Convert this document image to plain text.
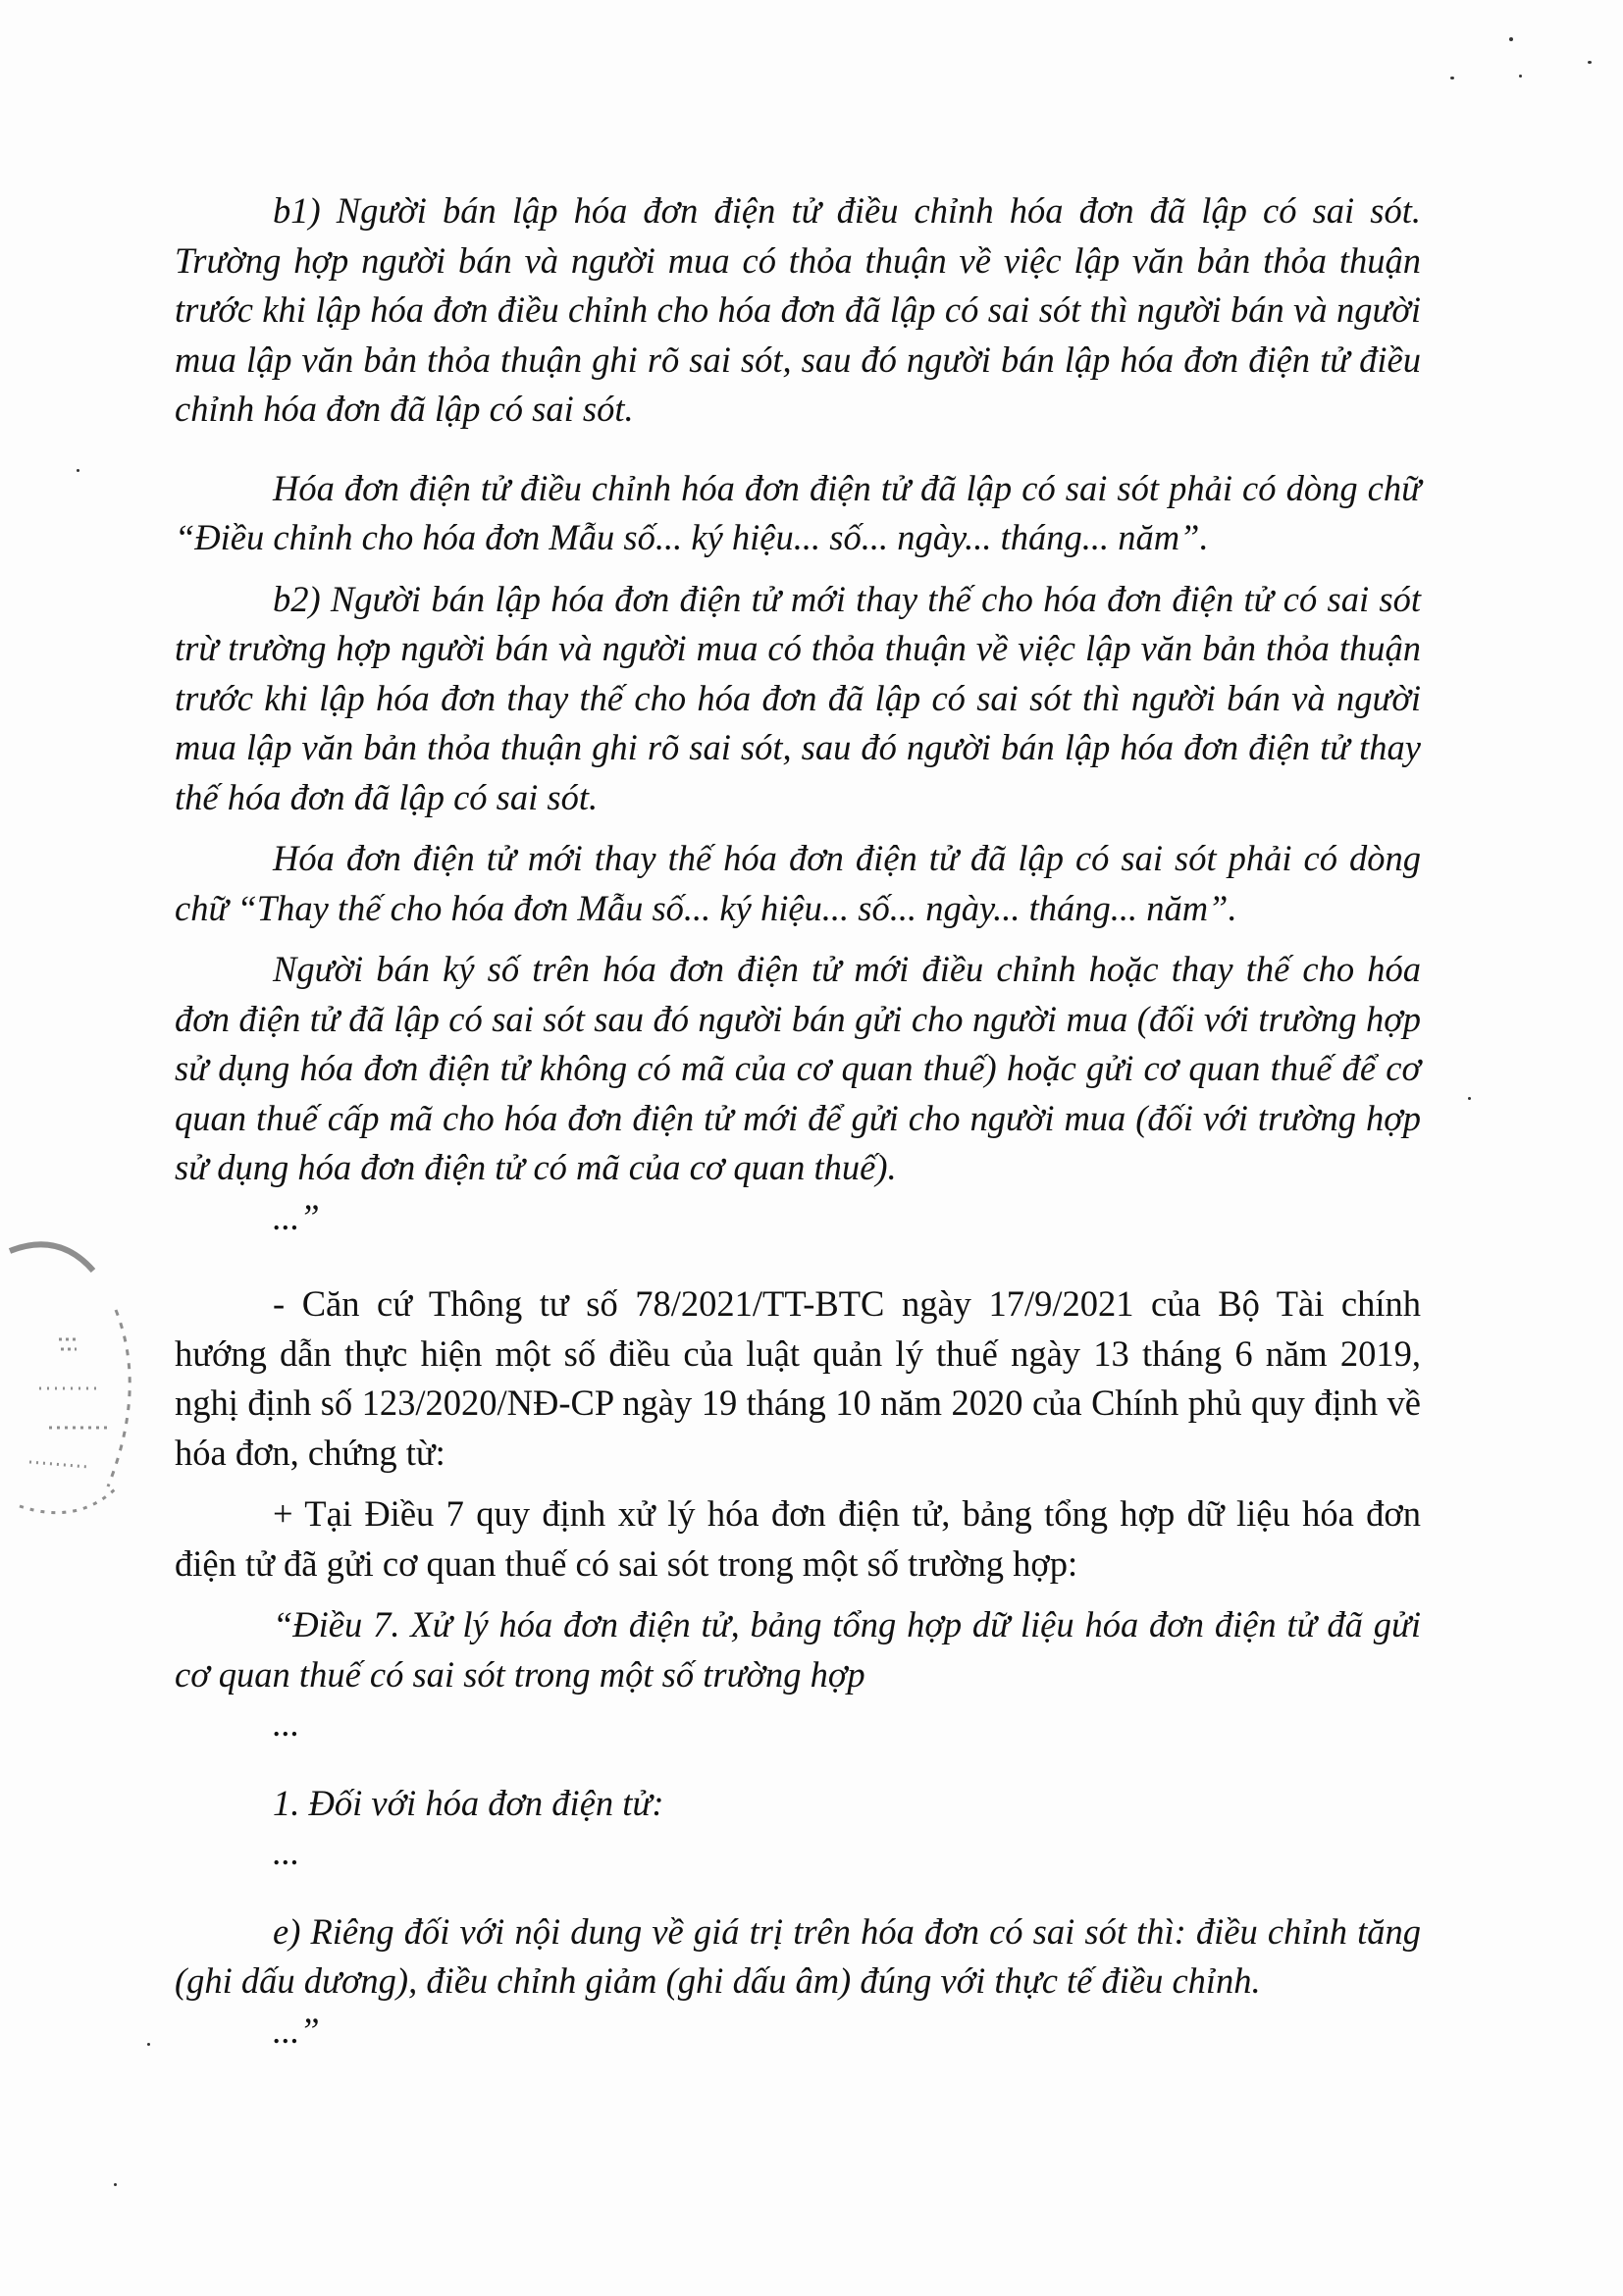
b1) Người bán lập hóa đơn điện tử điều chỉnh hóa đơn đã lập có sai sót. Trường hợp người bán và người mua có thỏa thuận về việc lập văn bản thỏa thuận trước khi lập hóa đơn điều chỉnh cho hóa đơn đã lập có sai sót thì người bán và người mua lập văn bản thỏa thuận ghi rõ sai sót, sau đó người bán lập hóa đơn điện tử điều chỉnh hóa đơn đã lập có sai sót.

Hóa đơn điện tử điều chỉnh hóa đơn điện tử đã lập có sai sót phải có dòng chữ “Điều chỉnh cho hóa đơn Mẫu số... ký hiệu... số... ngày... tháng... năm”.

b2) Người bán lập hóa đơn điện tử mới thay thế cho hóa đơn điện tử có sai sót trừ trường hợp người bán và người mua có thỏa thuận về việc lập văn bản thỏa thuận trước khi lập hóa đơn thay thế cho hóa đơn đã lập có sai sót thì người bán và người mua lập văn bản thỏa thuận ghi rõ sai sót, sau đó người bán lập hóa đơn điện tử thay thế hóa đơn đã lập có sai sót.

Hóa đơn điện tử mới thay thế hóa đơn điện tử đã lập có sai sót phải có dòng chữ “Thay thế cho hóa đơn Mẫu số... ký hiệu... số... ngày... tháng... năm”.

Người bán ký số trên hóa đơn điện tử mới điều chỉnh hoặc thay thế cho hóa đơn điện tử đã lập có sai sót sau đó người bán gửi cho người mua (đối với trường hợp sử dụng hóa đơn điện tử không có mã của cơ quan thuế) hoặc gửi cơ quan thuế để cơ quan thuế cấp mã cho hóa đơn điện tử mới để gửi cho người mua (đối với trường hợp sử dụng hóa đơn điện tử có mã của cơ quan thuế).

...”

- Căn cứ Thông tư số 78/2021/TT-BTC ngày 17/9/2021 của Bộ Tài chính hướng dẫn thực hiện một số điều của luật quản lý thuế ngày 13 tháng 6 năm 2019, nghị định số 123/2020/NĐ-CP ngày 19 tháng 10 năm 2020 của Chính phủ quy định về hóa đơn, chứng từ:

+ Tại Điều 7 quy định xử lý hóa đơn điện tử, bảng tổng hợp dữ liệu hóa đơn điện tử đã gửi cơ quan thuế có sai sót trong một số trường hợp:

“Điều 7. Xử lý hóa đơn điện tử, bảng tổng hợp dữ liệu hóa đơn điện tử đã gửi cơ quan thuế có sai sót trong một số trường hợp

...

1. Đối với hóa đơn điện tử:

...

e) Riêng đối với nội dung về giá trị trên hóa đơn có sai sót thì: điều chỉnh tăng (ghi dấu dương), điều chỉnh giảm (ghi dấu âm) đúng với thực tế điều chỉnh.

...”
